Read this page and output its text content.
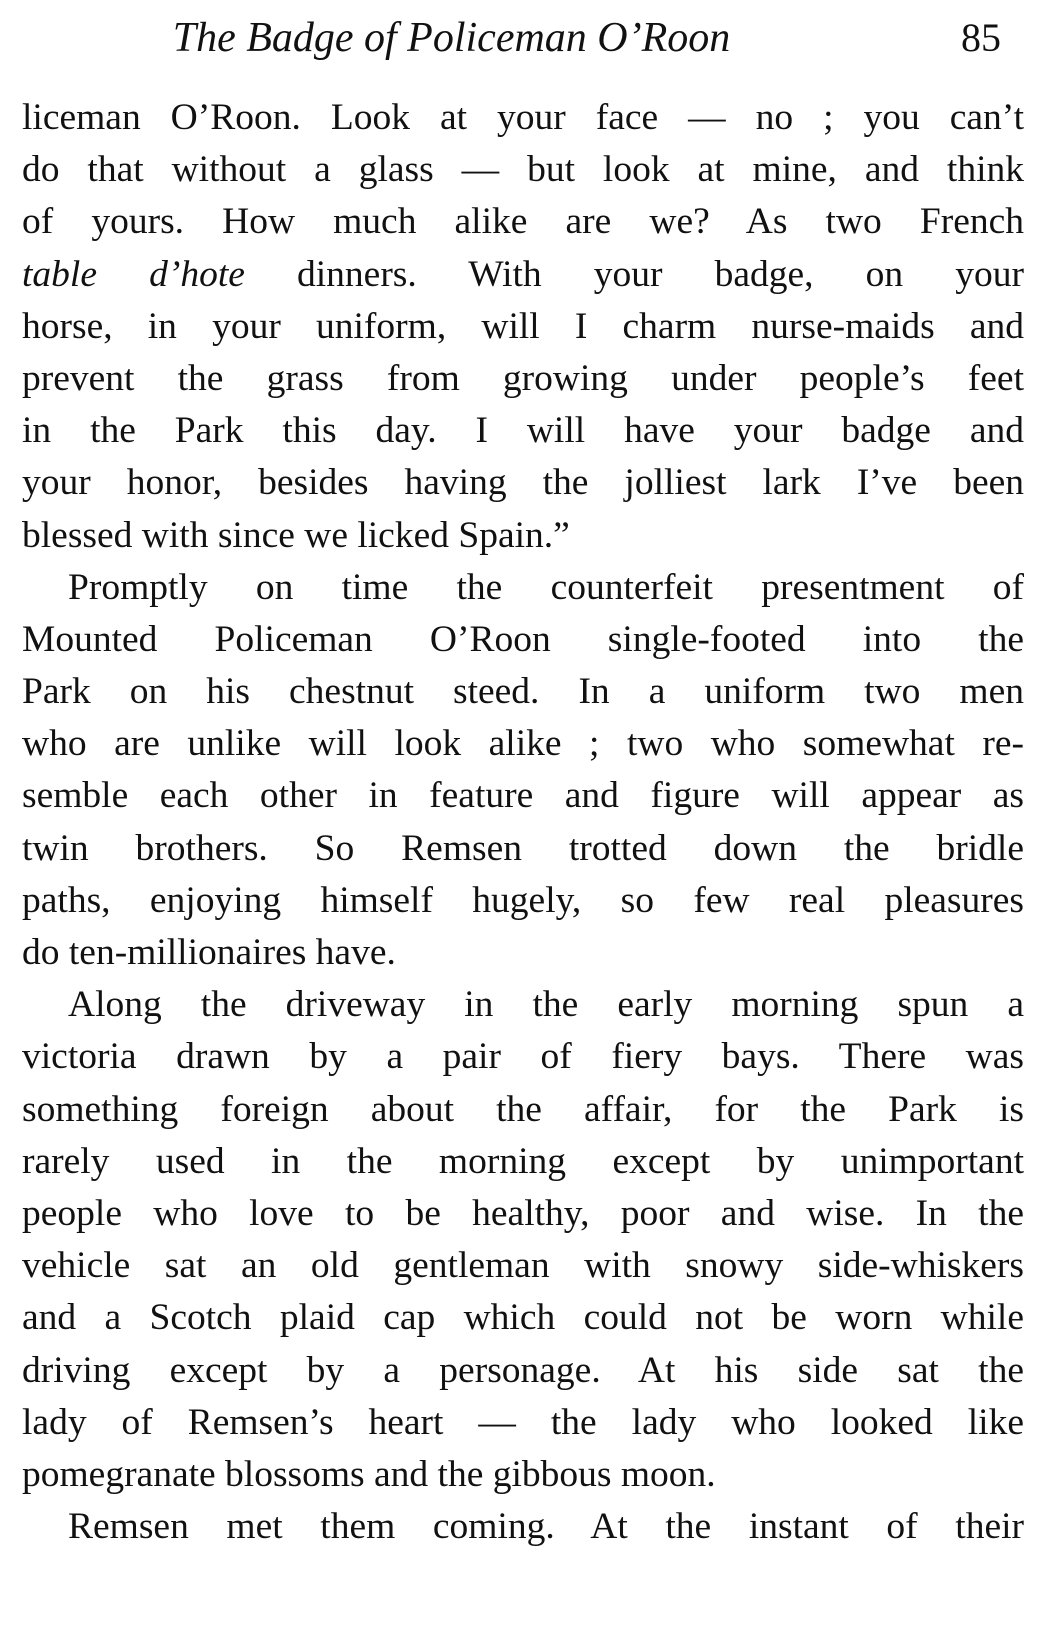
The Badge of Policeman O’Roon	85
liceman O’Roon. Look at your face — no ; you can’t
do that without a glass — but look at mine, and think
of yours. How much alike are we? As two French
table d’hote dinners. With your badge, on your
horse, in your uniform, will I charm nurse-maids and
prevent the grass from growing under people’s feet
in the Park this day. I will have your badge and
your honor, besides having the jolliest lark I’ve been
blessed with since we licked Spain.”
Promptly on time the counterfeit presentment of
Mounted Policeman O’Roon single-footed into the
Park on his chestnut steed. In a uniform two men
who are unlike will look alike ; two who somewhat re-
semble each other in feature and figure will appear as
twin brothers. So Remsen trotted down the bridle
paths, enjoying himself hugely, so few real pleasures
do ten-millionaires have.
Along the driveway in the early morning spun a
victoria drawn by a pair of fiery bays. There was
something foreign about the affair, for the Park is
rarely used in the morning except by unimportant
people who love to be healthy, poor and wise. In the
vehicle sat an old gentleman with snowy side-whiskers
and a Scotch plaid cap which could not be worn while
driving except by a personage. At his side sat the
lady of Remsen’s heart — the lady who looked like
pomegranate blossoms and the gibbous moon.
Remsen met them coming. At the instant of their
